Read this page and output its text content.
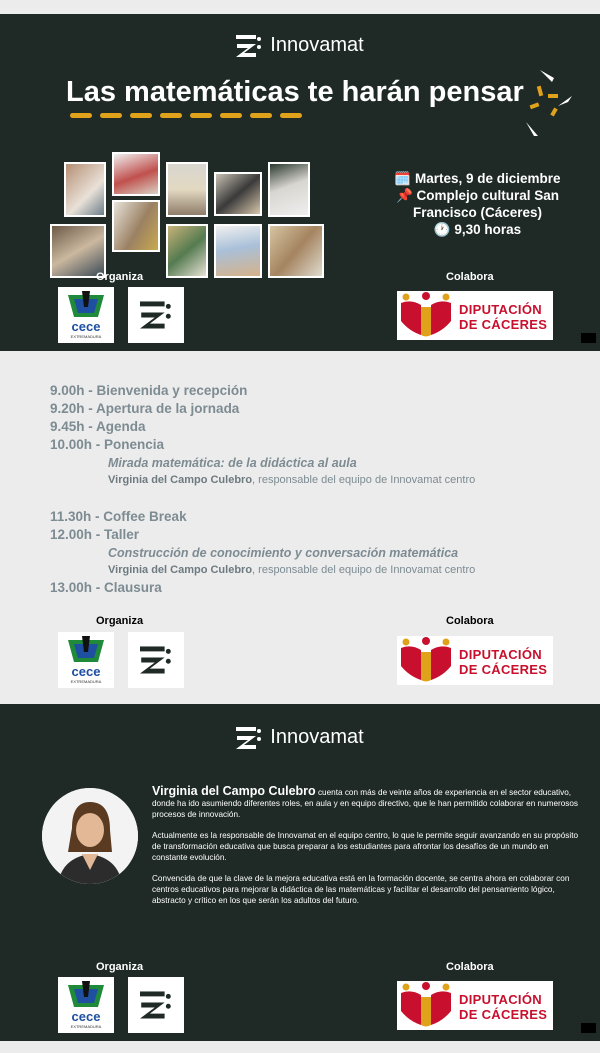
Innovamat
Las matemáticas te harán pensar
🗓️ Martes, 9 de diciembre
📌 Complejo cultural San Francisco (Cáceres)
🕐 9,30 horas
Organiza	Colabora
cece
EXTREMADURA
DIPUTACIÓN
DE CÁCERES
9.00h - Bienvenida y recepción
9.20h - Apertura de la jornada
9.45h - Agenda
10.00h - Ponencia
Mirada matemática: de la didáctica al aula
Virginia del Campo Culebro, responsable del equipo de Innovamat centro
11.30h - Coffee Break
12.00h - Taller
Construcción de conocimiento y conversación matemática
Virginia del Campo Culebro, responsable del equipo de Innovamat centro
13.00h - Clausura
Organiza	Colabora
cece
EXTREMADURA
DIPUTACIÓN
DE CÁCERES
Innovamat

Virginia del Campo Culebro cuenta con más de veinte años de experiencia en el sector educativo, donde ha ido asumiendo diferentes roles, en aula y en equipo directivo, que le han permitido colaborar en numerosos procesos de innovación.

Actualmente es la responsable de Innovamat en el equipo centro, lo que le permite seguir avanzando en su propósito de transformación educativa que busca preparar a los estudiantes para afrontar los desafíos de un mundo en constante evolución.

Convencida de que la clave de la mejora educativa está en la formación docente, se centra ahora en colaborar con centros educativos para mejorar la didáctica de las matemáticas y facilitar el desarrollo del pensamiento lógico, abstracto y crítico en los que serán los adultos del futuro.

Organiza	Colabora
cece
EXTREMADURA
DIPUTACIÓN
DE CÁCERES
